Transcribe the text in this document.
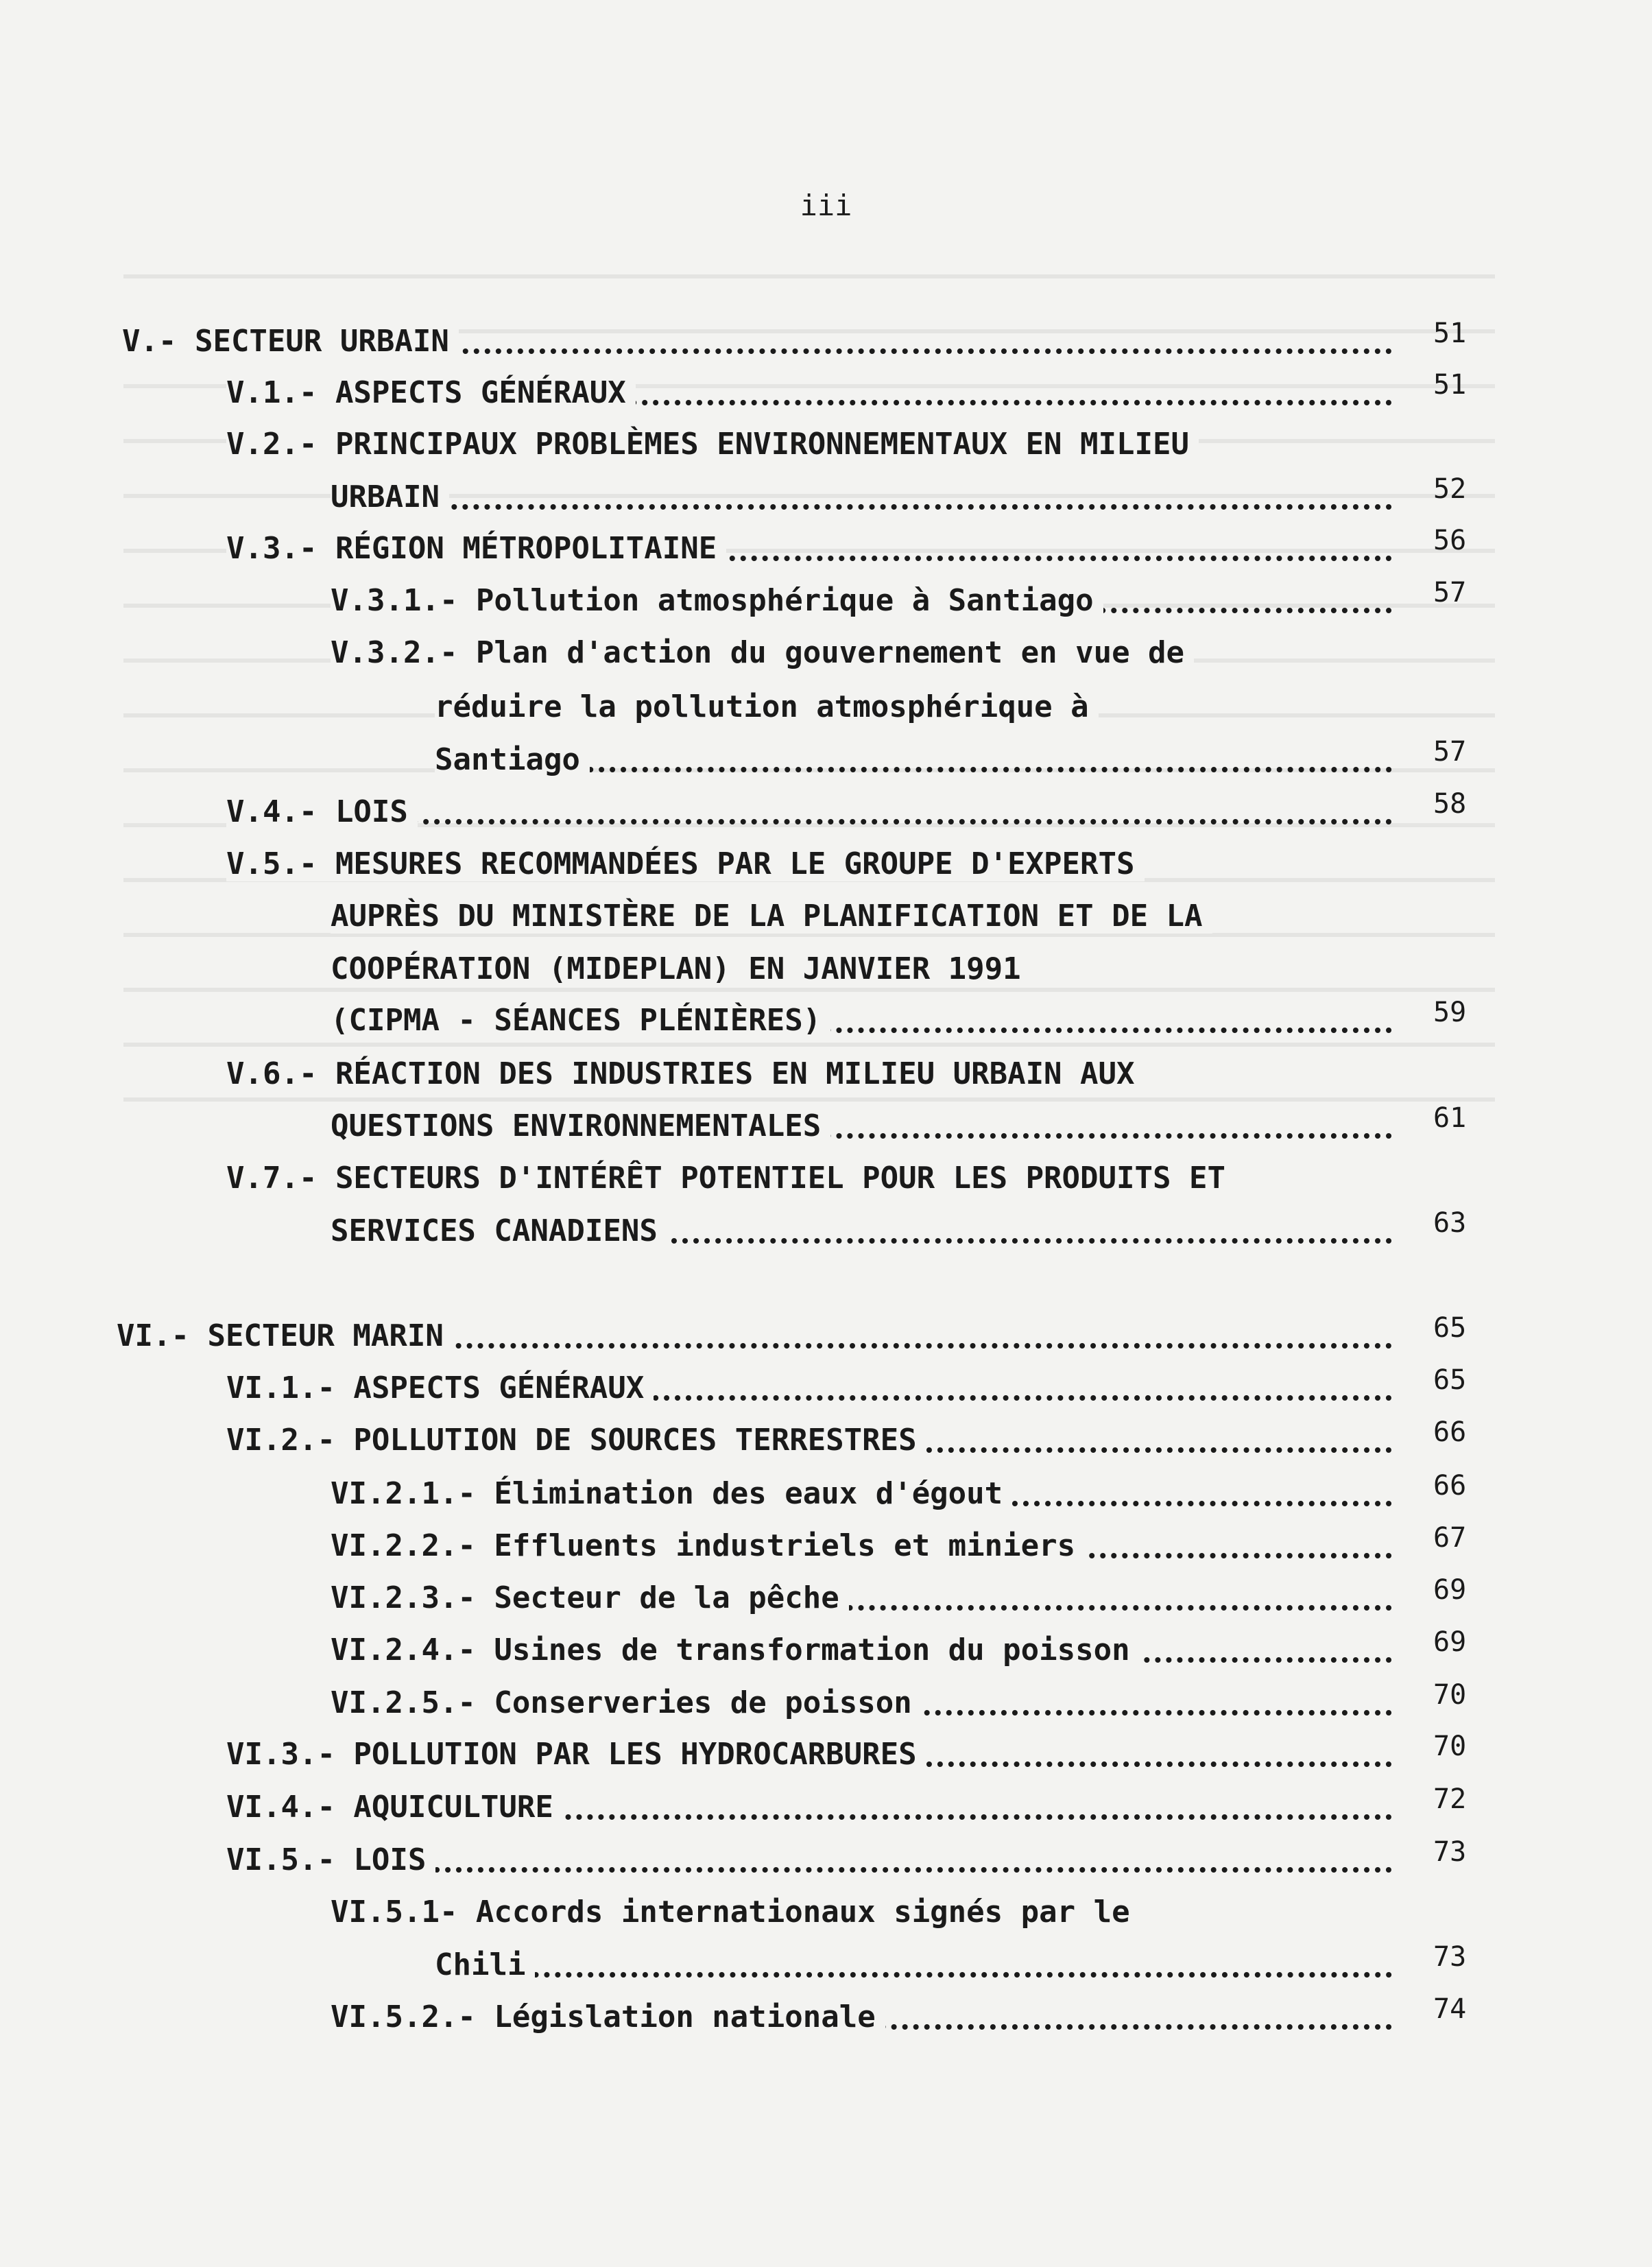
iii
V.- SECTEUR URBAIN	51
V.1.- ASPECTS GÉNÉRAUX	51
V.2.- PRINCIPAUX PROBLÈMES ENVIRONNEMENTAUX EN MILIEU
URBAIN	52
V.3.- RÉGION MÉTROPOLITAINE	56
V.3.1.- Pollution atmosphérique à Santiago	57
V.3.2.- Plan d'action du gouvernement en vue de
réduire la pollution atmosphérique à
Santiago	57
V.4.- LOIS	58
V.5.- MESURES RECOMMANDÉES PAR LE GROUPE D'EXPERTS
AUPRÈS DU MINISTÈRE DE LA PLANIFICATION ET DE LA
COOPÉRATION (MIDEPLAN) EN JANVIER 1991
(CIPMA - SÉANCES PLÉNIÈRES)	59
V.6.- RÉACTION DES INDUSTRIES EN MILIEU URBAIN AUX
QUESTIONS ENVIRONNEMENTALES	61
V.7.- SECTEURS D'INTÉRÊT POTENTIEL POUR LES PRODUITS ET
SERVICES CANADIENS	63
VI.- SECTEUR MARIN	65
VI.1.- ASPECTS GÉNÉRAUX	65
VI.2.- POLLUTION DE SOURCES TERRESTRES	66
VI.2.1.- Élimination des eaux d'égout	66
VI.2.2.- Effluents industriels et miniers	67
VI.2.3.- Secteur de la pêche	69
VI.2.4.- Usines de transformation du poisson	69
VI.2.5.- Conserveries de poisson	70
VI.3.- POLLUTION PAR LES HYDROCARBURES	70
VI.4.- AQUICULTURE	72
VI.5.- LOIS	73
VI.5.1- Accords internationaux signés par le
Chili	73
VI.5.2.- Législation nationale	74
